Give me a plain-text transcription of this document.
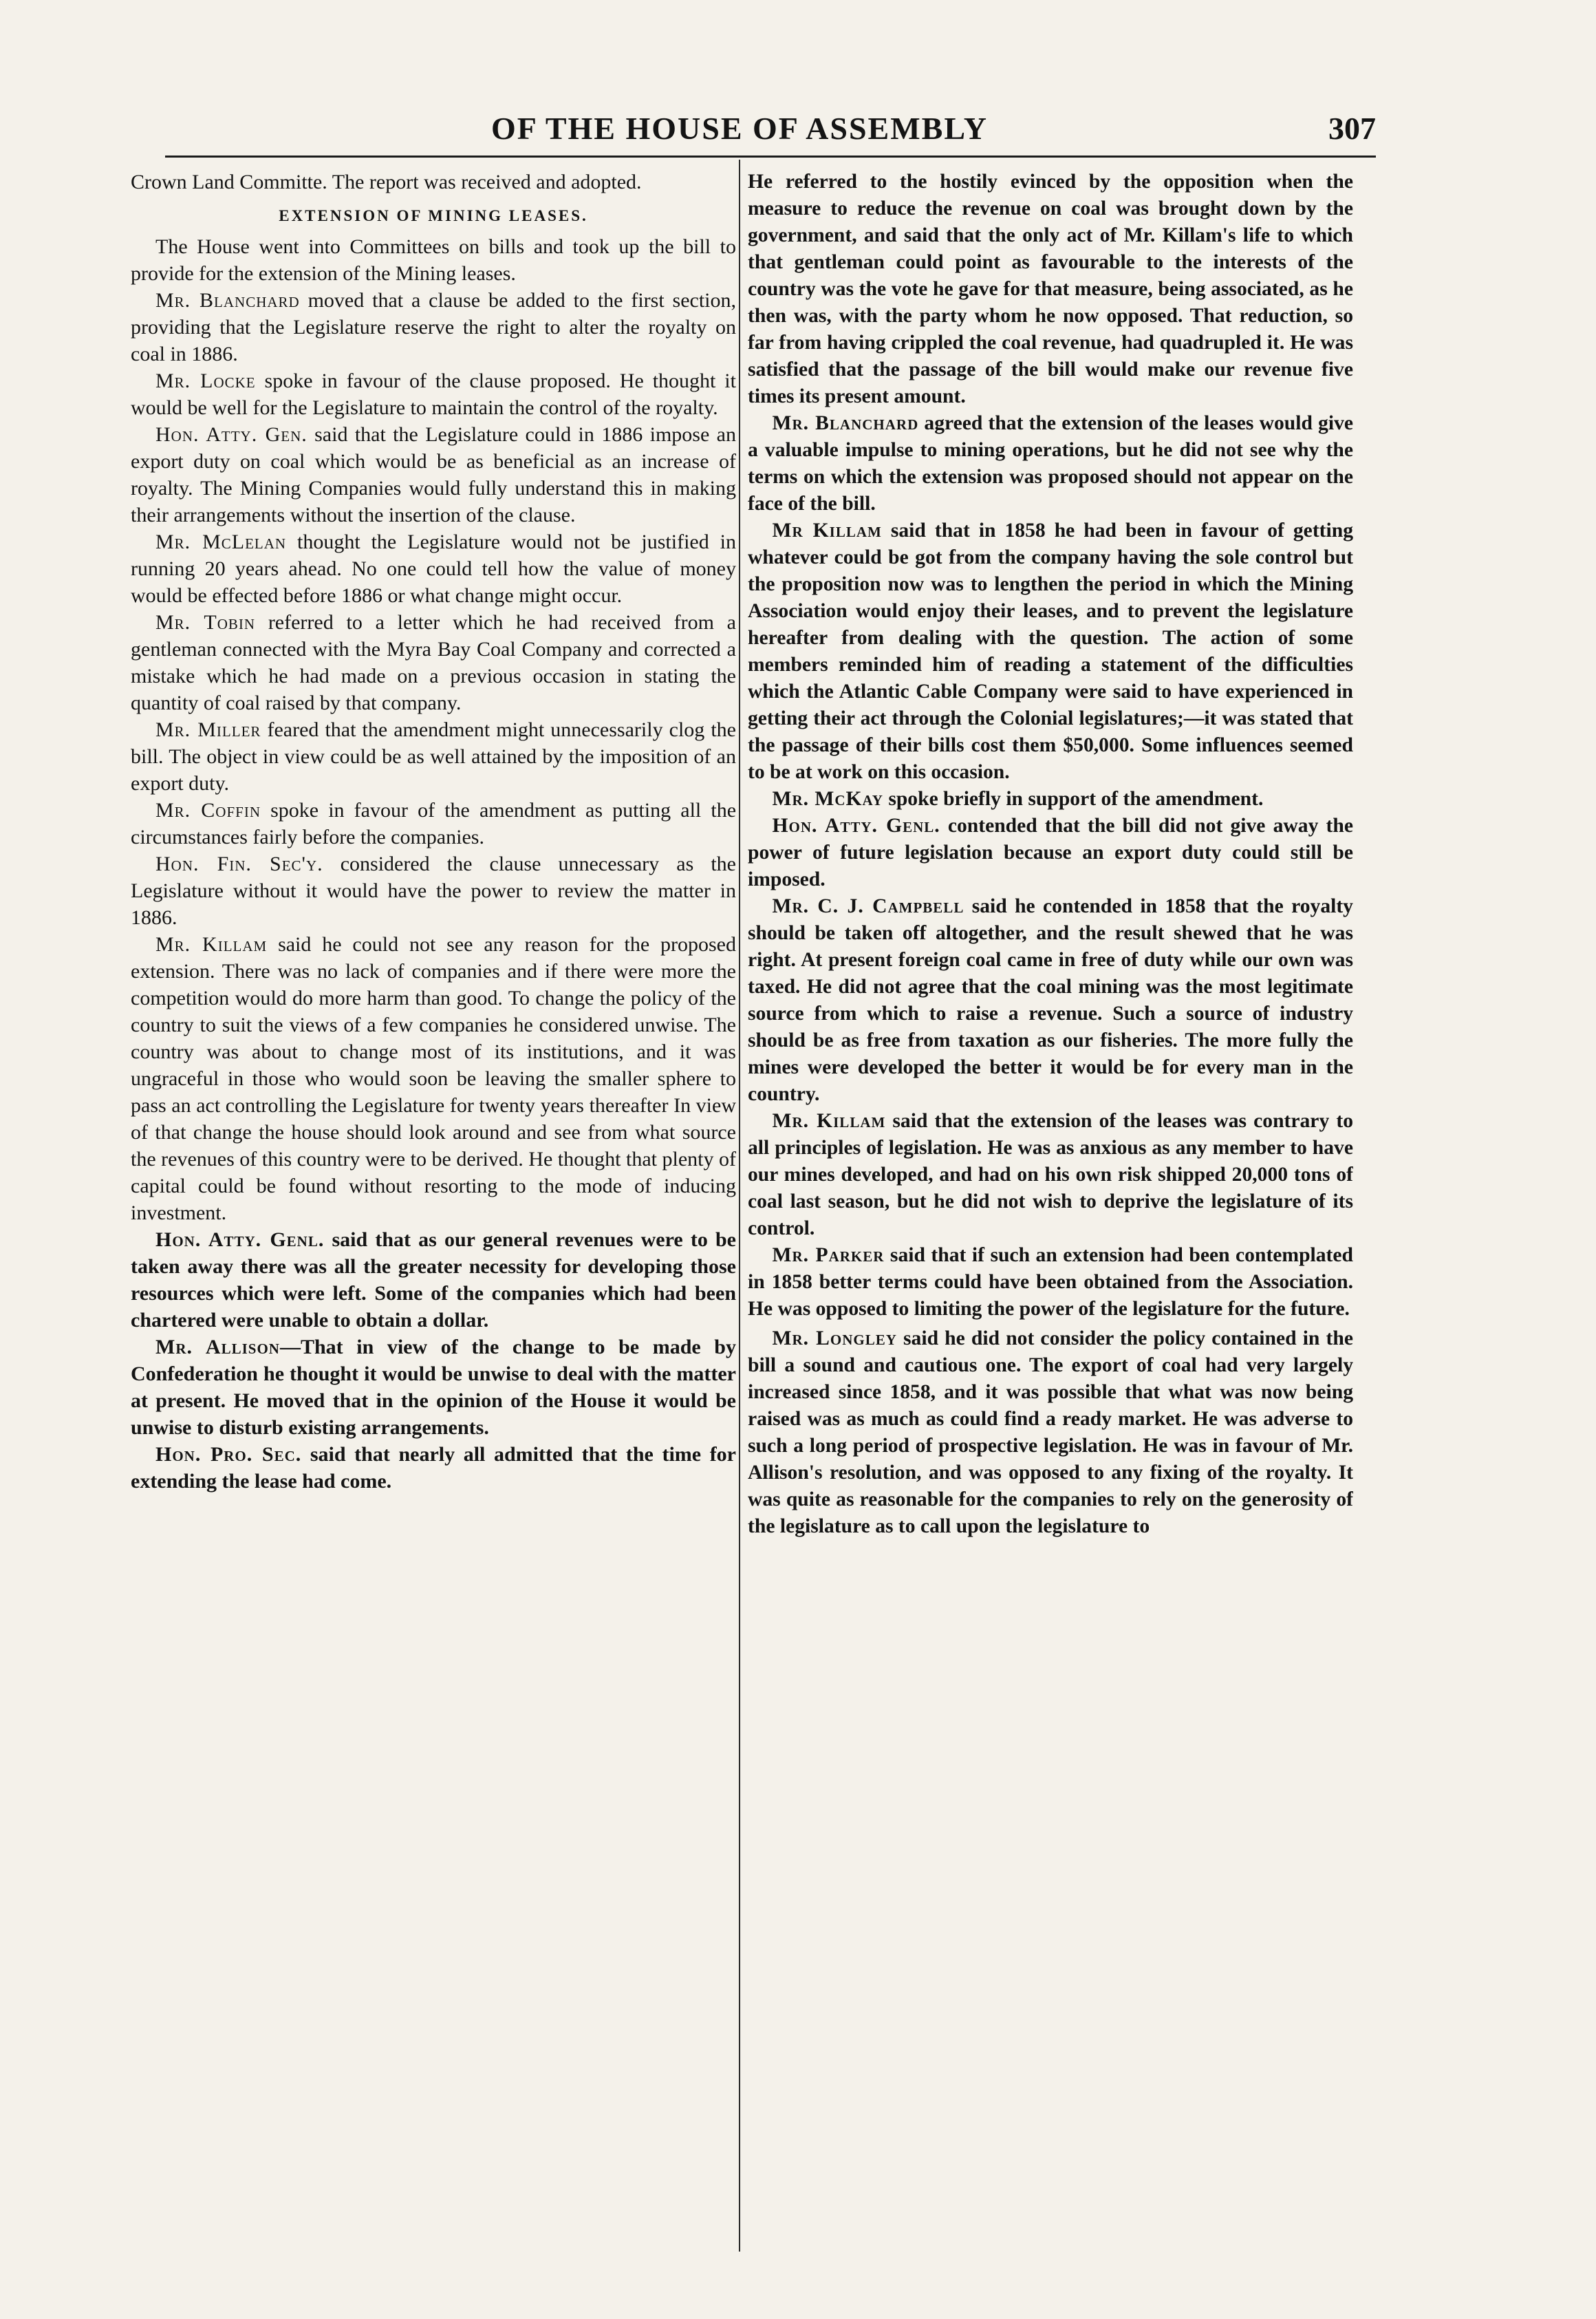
OF THE HOUSE OF ASSEMBLY	307

Crown Land Committe. The report was received and adopted.

EXTENSION OF MINING LEASES.

The House went into Committees on bills and took up the bill to provide for the extension of the Mining leases.

Mr. Blanchard moved that a clause be added to the first section, providing that the Legislature reserve the right to alter the royalty on coal in 1886.

Mr. Locke spoke in favour of the clause proposed. He thought it would be well for the Legislature to maintain the control of the royalty.

Hon. Atty. Gen. said that the Legislature could in 1886 impose an export duty on coal which would be as beneficial as an increase of royalty. The Mining Companies would fully understand this in making their arrangements without the insertion of the clause.

Mr. McLelan thought the Legislature would not be justified in running 20 years ahead. No one could tell how the value of money would be effected before 1886 or what change might occur.

Mr. Tobin referred to a letter which he had received from a gentleman connected with the Myra Bay Coal Company and corrected a mistake which he had made on a previous occasion in stating the quantity of coal raised by that company.

Mr. Miller feared that the amendment might unnecessarily clog the bill. The object in view could be as well attained by the imposition of an export duty.

Mr. Coffin spoke in favour of the amendment as putting all the circumstances fairly before the companies.

Hon. Fin. Sec'y. considered the clause unnecessary as the Legislature without it would have the power to review the matter in 1886.

Mr. Killam said he could not see any reason for the proposed extension. There was no lack of companies and if there were more the competition would do more harm than good. To change the policy of the country to suit the views of a few companies he considered unwise. The country was about to change most of its institutions, and it was ungraceful in those who would soon be leaving the smaller sphere to pass an act controlling the Legislature for twenty years thereafter In view of that change the house should look around and see from what source the revenues of this country were to be derived. He thought that plenty of capital could be found without resorting to the mode of inducing investment.

Hon. Atty. Genl. said that as our general revenues were to be taken away there was all the greater necessity for developing those resources which were left. Some of the companies which had been chartered were unable to obtain a dollar.

Mr. Allison—That in view of the change to be made by Confederation he thought it would be unwise to deal with the matter at present. He moved that in the opinion of the House it would be unwise to disturb existing arrangements.

Hon. Pro. Sec. said that nearly all admitted that the time for extending the lease had come.

He referred to the hostily evinced by the opposition when the measure to reduce the revenue on coal was brought down by the government, and said that the only act of Mr. Killam's life to which that gentleman could point as favourable to the interests of the country was the vote he gave for that measure, being associated, as he then was, with the party whom he now opposed. That reduction, so far from having crippled the coal revenue, had quadrupled it. He was satisfied that the passage of the bill would make our revenue five times its present amount.

Mr. Blanchard agreed that the extension of the leases would give a valuable impulse to mining operations, but he did not see why the terms on which the extension was proposed should not appear on the face of the bill.

Mr Killam said that in 1858 he had been in favour of getting whatever could be got from the company having the sole control but the proposition now was to lengthen the period in which the Mining Association would enjoy their leases, and to prevent the legislature hereafter from dealing with the question. The action of some members reminded him of reading a statement of the difficulties which the Atlantic Cable Company were said to have experienced in getting their act through the Colonial legislatures;—it was stated that the passage of their bills cost them $50,000. Some influences seemed to be at work on this occasion.

Mr. McKay spoke briefly in support of the amendment.

Hon. Atty. Genl. contended that the bill did not give away the power of future legislation because an export duty could still be imposed.

Mr. C. J. Campbell said he contended in 1858 that the royalty should be taken off altogether, and the result shewed that he was right. At present foreign coal came in free of duty while our own was taxed. He did not agree that the coal mining was the most legitimate source from which to raise a revenue. Such a source of industry should be as free from taxation as our fisheries. The more fully the mines were developed the better it would be for every man in the country.

Mr. Killam said that the extension of the leases was contrary to all principles of legislation. He was as anxious as any member to have our mines developed, and had on his own risk shipped 20,000 tons of coal last season, but he did not wish to deprive the legislature of its control.

Mr. Parker said that if such an extension had been contemplated in 1858 better terms could have been obtained from the Association. He was opposed to limiting the power of the legislature for the future.

Mr. Longley said he did not consider the policy contained in the bill a sound and cautious one. The export of coal had very largely increased since 1858, and it was possible that what was now being raised was as much as could find a ready market. He was adverse to such a long period of prospective legislation. He was in favour of Mr. Allison's resolution, and was opposed to any fixing of the royalty. It was quite as reasonable for the companies to rely on the generosity of the legislature as to call upon the legislature to
